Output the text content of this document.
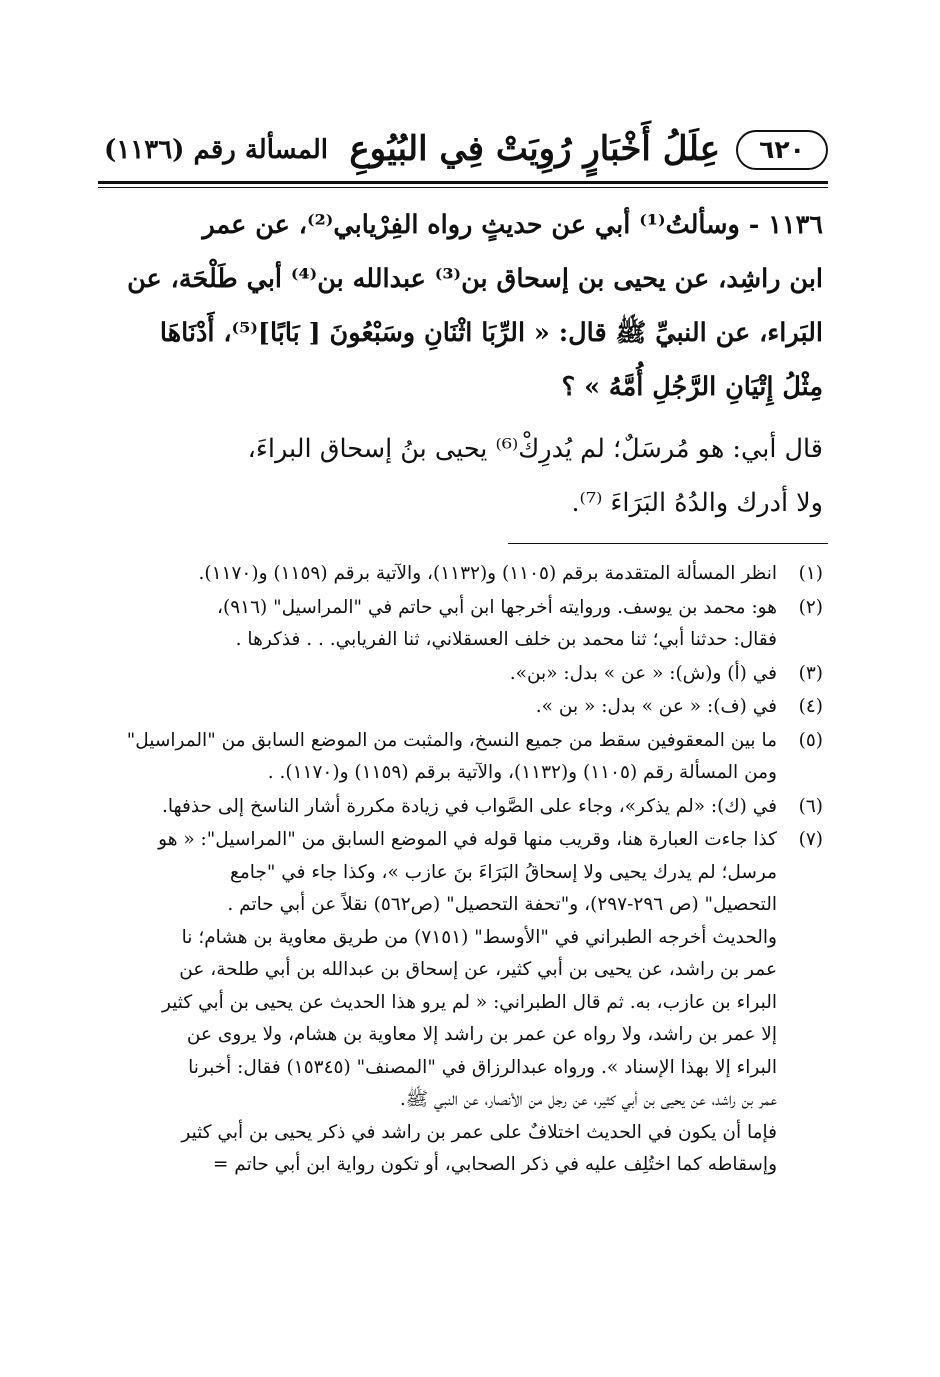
٦٢٠
عِلَلُ أَخْبَارٍ رُوِيَتْ فِي البُيُوعِ
المسألة رقم (١١٣٦)

١١٣٦ - وسألتُ⁽¹⁾ أبي عن حديثٍ رواه الفِرْيابي⁽²⁾، عن عمر
ابن راشِد، عن يحيى بن إسحاق بن⁽³⁾ عبدالله بن⁽⁴⁾ أبي طَلْحَة، عن
البَراء، عن النبيِّ ﷺ قال: « الرِّبَا اثْنَانِ وسَبْعُونَ [ بَابًا]⁽⁵⁾، أَدْنَاهَا
مِثْلُ إِتْيَانِ الرَّجُلِ أُمَّهُ » ؟

قال أبي: هو مُرسَلٌ؛ لم يُدرِكْ⁽⁶⁾ يحيى بنُ إسحاق البراءَ،
ولا أدرك والدُهُ البَرَاءَ ⁽⁷⁾.

(١)
انظر المسألة المتقدمة برقم (١١٠٥) و(١١٣٢)، والآتية برقم (١١٥٩) و(١١٧٠).
(٢)
هو: محمد بن يوسف. وروايته أخرجها ابن أبي حاتم في "المراسيل" (٩١٦)،
فقال: حدثنا أبي؛ ثنا محمد بن خلف العسقلاني، ثنا الفريابي. . . فذكرها .
(٣)
في (أ) و(ش): « عن » بدل: «بن».
(٤)
في (ف): « عن » بدل: « بن ».
(٥)
ما بين المعقوفين سقط من جميع النسخ، والمثبت من الموضع السابق من "المراسيل"
ومن المسألة رقم (١١٠٥) و(١١٣٢)، والآتية برقم (١١٥٩) و(١١٧٠). .
(٦)
في (ك): «لم يذكر»، وجاء على الصَّواب في زيادة مكررة أشار الناسخ إلى حذفها.
(٧)
كذا جاءت العبارة هنا، وقريب منها قوله في الموضع السابق من "المراسيل": « هو
مرسل؛ لم يدرك يحيى ولا إسحاقُ البَرَاءَ بنَ عازب »، وكذا جاء في "جامع
التحصيل" (ص ٢٩٦-٢٩٧)، و"تحفة التحصيل" (ص٥٦٢) نقلاً عن أبي حاتم .
والحديث أخرجه الطبراني في "الأوسط" (٧١٥١) من طريق معاوية بن هشام؛ نا
عمر بن راشد، عن يحيى بن أبي كثير، عن إسحاق بن عبدالله بن أبي طلحة، عن
البراء بن عازب، به. ثم قال الطبراني: « لم يرو هذا الحديث عن يحيى بن أبي كثير
إلا عمر بن راشد، ولا رواه عن عمر بن راشد إلا معاوية بن هشام، ولا يروى عن
البراء إلا بهذا الإسناد ». ورواه عبدالرزاق في "المصنف" (١٥٣٤٥) فقال: أخبرنا
عمر بن راشد، عن يحيى بن أبي كثير، عن رجل من الأنصار، عن النبي ﷺ.
فإما أن يكون في الحديث اختلافٌ على عمر بن راشد في ذكر يحيى بن أبي كثير
وإسقاطه كما اختُلِف عليه في ذكر الصحابي، أو تكون رواية ابن أبي حاتم =
